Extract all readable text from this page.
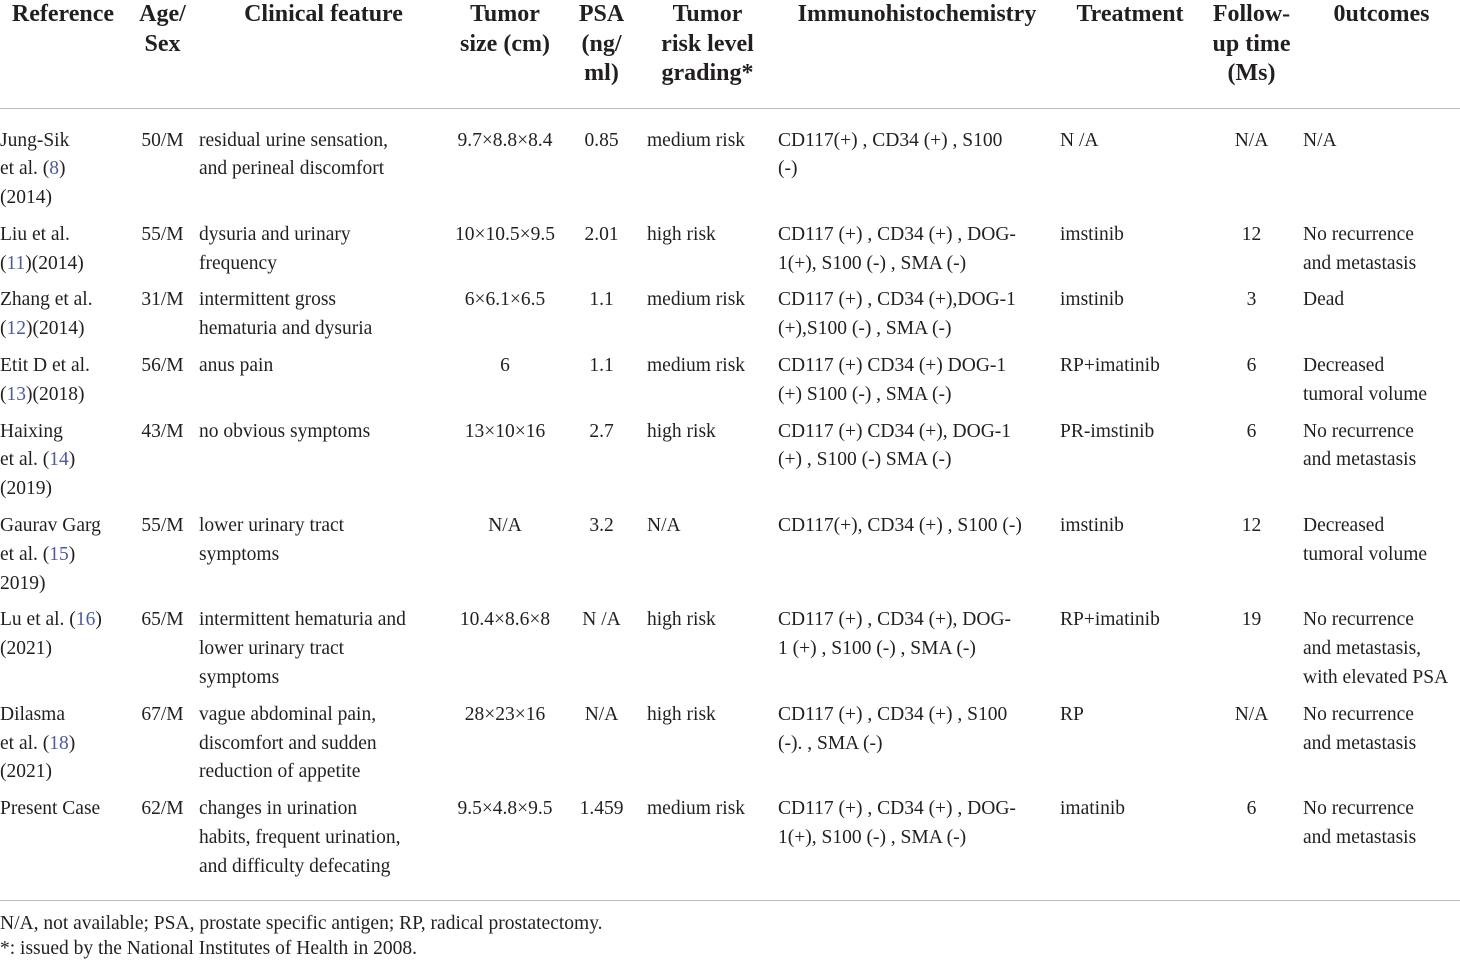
Reference	Age/
Sex	Clinical feature	Tumor
size (cm)	PSA
(ng/
ml)	Tumor
risk level
grading*	Immunohistochemistry	Treatment	Follow-
up time
(Ms)	0utcomes

Jung-Sik
et al. (8)
(2014)	50/M	residual urine sensation,
and perineal discomfort	9.7×8.8×8.4	0.85	medium risk	CD117(+) , CD34 (+) , S100
(-)	N /A	N/A	N/A

Liu et al.
(11)(2014)	55/M	dysuria and urinary
frequency	10×10.5×9.5	2.01	high risk	CD117 (+) , CD34 (+) , DOG-
1(+), S100 (-) , SMA (-)	imstinib	12	No recurrence
and metastasis

Zhang et al.
(12)(2014)	31/M	intermittent gross
hematuria and dysuria	6×6.1×6.5	1.1	medium risk	CD117 (+) , CD34 (+),DOG-1
(+),S100 (-) , SMA (-)	imstinib	3	Dead

Etit D et al.
(13)(2018)	56/M	anus pain	6	1.1	medium risk	CD117 (+) CD34 (+) DOG-1
(+) S100 (-) , SMA (-)	RP+imatinib	6	Decreased
tumoral volume

Haixing
et al. (14)
(2019)	43/M	no obvious symptoms	13×10×16	2.7	high risk	CD117 (+) CD34 (+), DOG-1
(+) , S100 (-) SMA (-)	PR-imstinib	6	No recurrence
and metastasis

Gaurav Garg
et al. (15)
2019)	55/M	lower urinary tract
symptoms	N/A	3.2	N/A	CD117(+), CD34 (+) , S100 (-)	imstinib	12	Decreased
tumoral volume

Lu et al. (16)
(2021)	65/M	intermittent hematuria and
lower urinary tract
symptoms	10.4×8.6×8	N /A	high risk	CD117 (+) , CD34 (+), DOG-
1 (+) , S100 (-) , SMA (-)	RP+imatinib	19	No recurrence
and metastasis,
with elevated PSA

Dilasma
et al. (18)
(2021)	67/M	vague abdominal pain,
discomfort and sudden
reduction of appetite	28×23×16	N/A	high risk	CD117 (+) , CD34 (+) , S100
(-). , SMA (-)	RP	N/A	No recurrence
and metastasis

Present Case	62/M	changes in urination
habits, frequent urination,
and difficulty defecating	9.5×4.8×9.5	1.459	medium risk	CD117 (+) , CD34 (+) , DOG-
1(+), S100 (-) , SMA (-)	imatinib	6	No recurrence
and metastasis
N/A, not available; PSA, prostate specific antigen; RP, radical prostatectomy.
*: issued by the National Institutes of Health in 2008.
